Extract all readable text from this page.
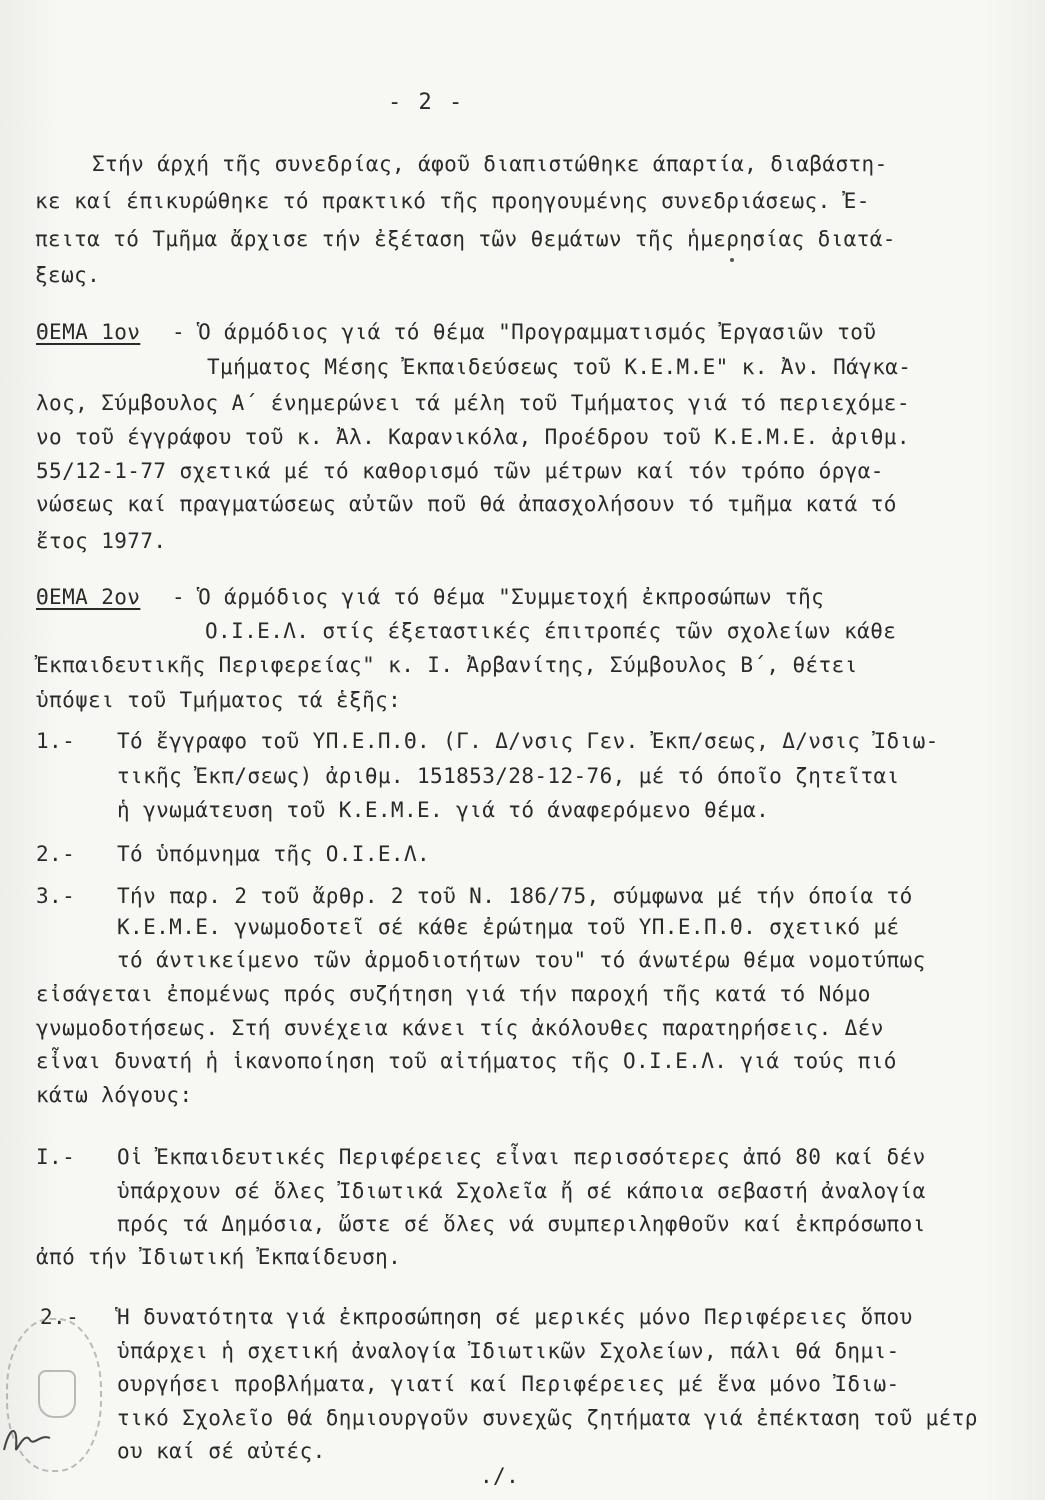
- 2 -
Στήν άρχή τῆς συνεδρίας, άφοῦ διαπιστώθηκε άπαρτία, διαβάστη-
κε καί έπικυρώθηκε τό πρακτικό τῆς προηγουμένης συνεδριάσεως. Ἐ-
πειτα τό Τμῆμα ἄρχισε τήν ἐξέταση τῶν θεμάτων τῆς ἡμερησίας διατά-
ξεως.
ΘΕΜΑ 1ον - Ὁ άρμόδιος γιά τό θέμα "Προγραμματισμός Ἐργασιῶν τοῦ
Τμήματος Μέσης Ἐκπαιδεύσεως τοῦ Κ.Ε.Μ.Ε" κ. Ἀν. Πάγκα-
λος, Σύμβουλος Α΄ ένημερώνει τά μέλη τοῦ Τμήματος γιά τό περιεχόμε-
νο τοῦ έγγράφου τοῦ κ. Ἀλ. Καρανικόλα, Προέδρου τοῦ Κ.Ε.Μ.Ε. ἀριθμ.
55/12-1-77 σχετικά μέ τό καθορισμό τῶν μέτρων καί τόν τρόπο όργα-
νώσεως καί πραγματώσεως αὐτῶν ποῦ θά ἀπασχολήσουν τό τμῆμα κατά τό
ἔτος 1977.
ΘΕΜΑ 2ον - Ὁ άρμόδιος γιά τό θέμα "Συμμετοχή ἐκπροσώπων τῆς
Ο.Ι.Ε.Λ. στίς έξεταστικές έπιτροπές τῶν σχολείων κάθε
Ἐκπαιδευτικῆς Περιφερείας" κ. Ι. Ἀρβανίτης, Σύμβουλος Β΄, θέτει
ὑπόψει τοῦ Τμήματος τά ἑξῆς:
1.- Τό ἔγγραφο τοῦ ΥΠ.Ε.Π.Θ. (Γ. Δ/νσις Γεν. Ἐκπ/σεως, Δ/νσις Ἰδιω-
τικῆς Ἐκπ/σεως) ἀριθμ. 151853/28-12-76, μέ τό όποῖο ζητεῖται
ἡ γνωμάτευση τοῦ Κ.Ε.Μ.Ε. γιά τό άναφερόμενο θέμα.
2.- Τό ὑπόμνημα τῆς Ο.Ι.Ε.Λ.
3.- Τήν παρ. 2 τοῦ ἄρθρ. 2 τοῦ Ν. 186/75, σύμφωνα μέ τήν όποία τό
Κ.Ε.Μ.Ε. γνωμοδοτεῖ σέ κάθε ἐρώτημα τοῦ ΥΠ.Ε.Π.Θ. σχετικό μέ
τό άντικείμενο τῶν ἁρμοδιοτήτων του" τό άνωτέρω θέμα νομοτύπως
εἰσάγεται ἐπομένως πρός συζήτηση γιά τήν παροχή τῆς κατά τό Νόμο
γνωμοδοτήσεως. Στή συνέχεια κάνει τίς ἀκόλουθες παρατηρήσεις. Δέν
εἶναι δυνατή ἡ ἱκανοποίηση τοῦ αἰτήματος τῆς Ο.Ι.Ε.Λ. γιά τούς πιό
κάτω λόγους:
Ι.- Οἱ Ἐκπαιδευτικές Περιφέρειες εἶναι περισσότερες ἀπό 80 καί δέν
ὑπάρχουν σέ ὅλες Ἰδιωτικά Σχολεῖα ἤ σέ κάποια σεβαστή ἀναλογία
πρός τά Δημόσια, ὥστε σέ ὅλες νά συμπεριληφθοῦν καί ἐκπρόσωποι
ἀπό τήν Ἰδιωτική Ἐκπαίδευση.
2.- Ἡ δυνατότητα γιά ἐκπροσώπηση σέ μερικές μόνο Περιφέρειες ὅπου
ὑπάρχει ἡ σχετική ἀναλογία Ἰδιωτικῶν Σχολείων, πάλι θά δημι-
ουργήσει προβλήματα, γιατί καί Περιφέρειες μέ ἕνα μόνο Ἰδιω-
τικό Σχολεῖο θά δημιουργοῦν συνεχῶς ζητήματα γιά ἐπέκταση τοῦ μέτρ
ου καί σέ αὐτές.
./.
